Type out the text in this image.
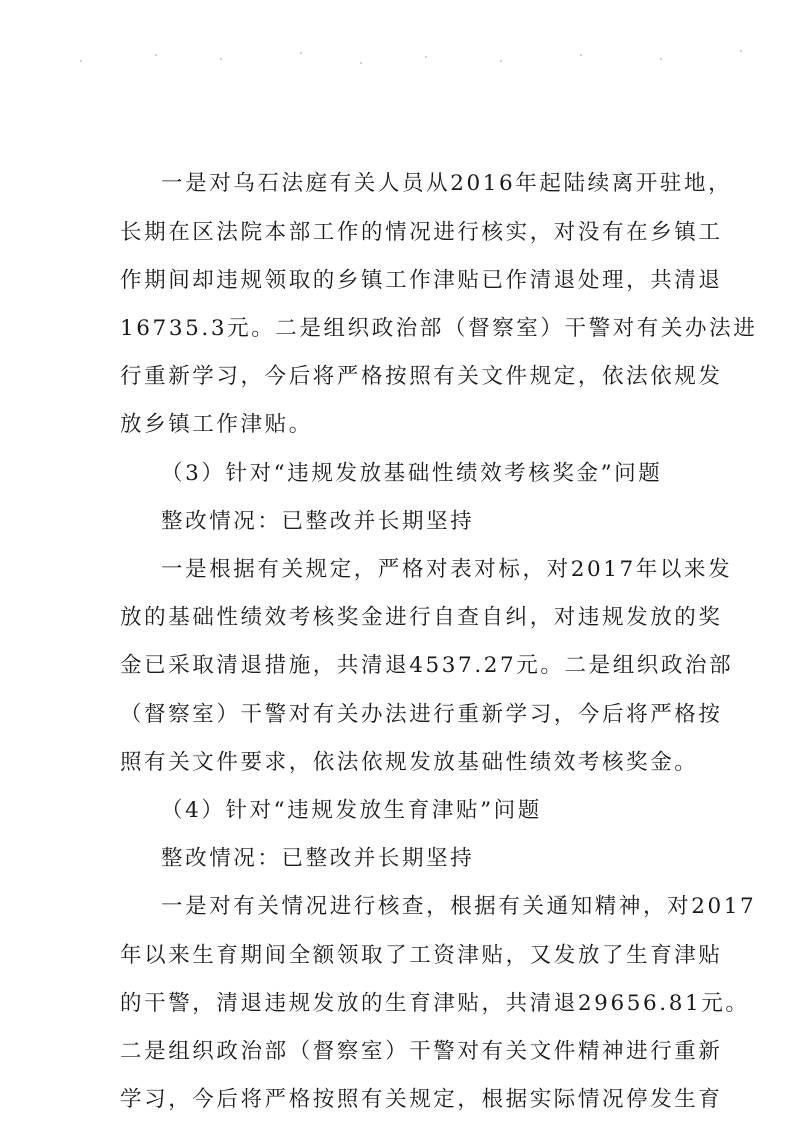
一是对乌石法庭有关人员从2016年起陆续离开驻地，
长期在区法院本部工作的情况进行核实，对没有在乡镇工
作期间却违规领取的乡镇工作津贴已作清退处理，共清退
16735.3元。二是组织政治部（督察室）干警对有关办法进
行重新学习，今后将严格按照有关文件规定，依法依规发
放乡镇工作津贴。
（3）针对“违规发放基础性绩效考核奖金”问题
整改情况：已整改并长期坚持
一是根据有关规定，严格对表对标，对2017年以来发
放的基础性绩效考核奖金进行自查自纠，对违规发放的奖
金已采取清退措施，共清退4537.27元。二是组织政治部
（督察室）干警对有关办法进行重新学习，今后将严格按
照有关文件要求，依法依规发放基础性绩效考核奖金。
（4）针对“违规发放生育津贴”问题
整改情况：已整改并长期坚持
一是对有关情况进行核查，根据有关通知精神，对2017
年以来生育期间全额领取了工资津贴，又发放了生育津贴
的干警，清退违规发放的生育津贴，共清退29656.81元。
二是组织政治部（督察室）干警对有关文件精神进行重新
学习，今后将严格按照有关规定，根据实际情况停发生育
